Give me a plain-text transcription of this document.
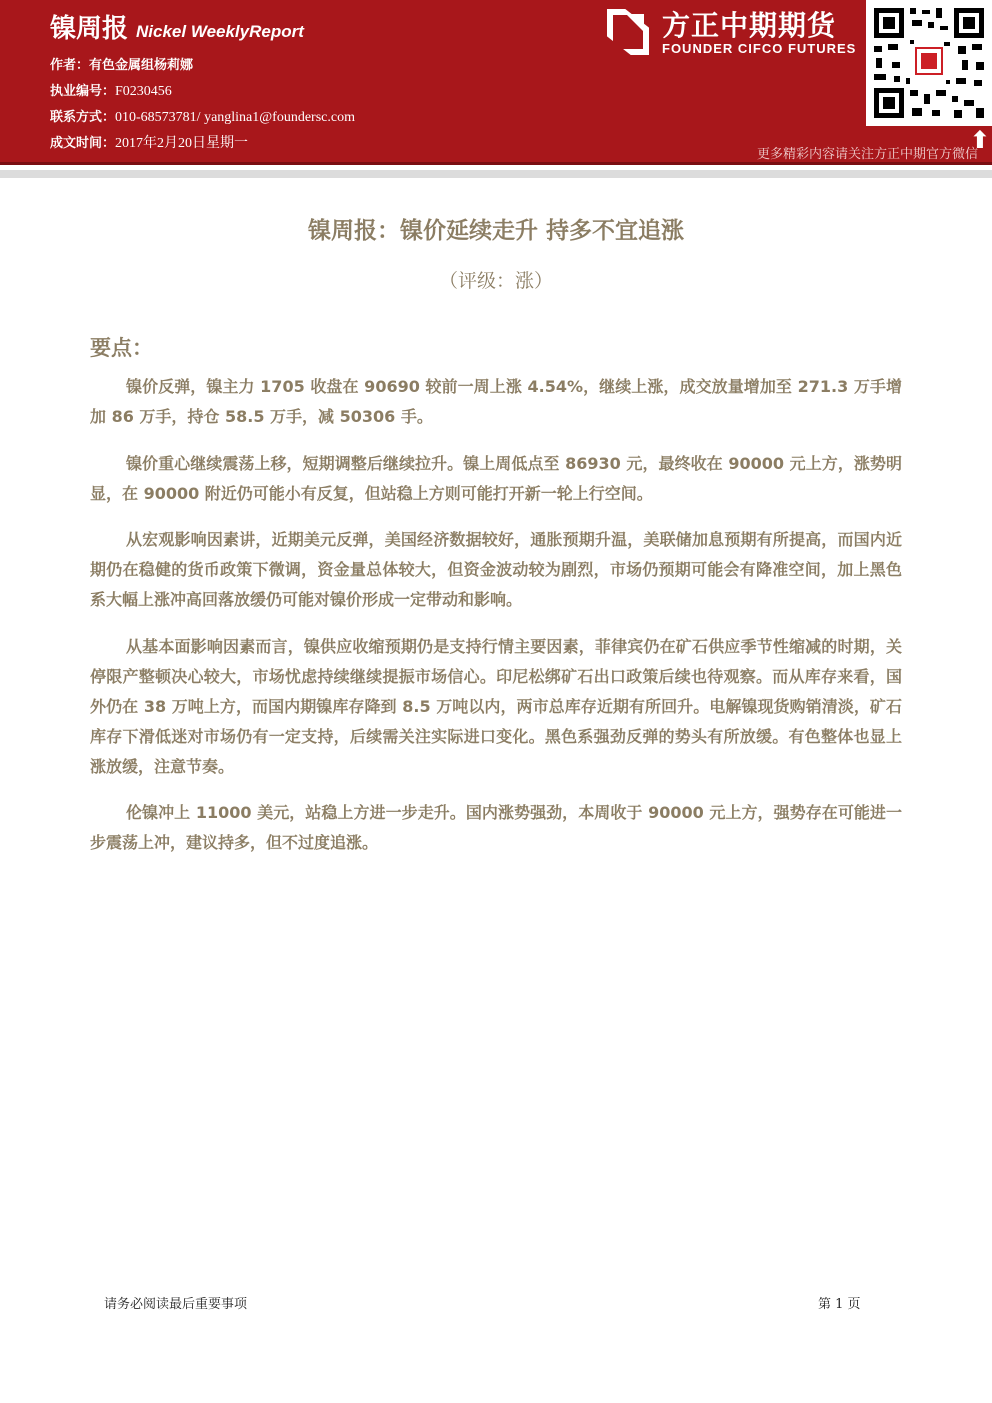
镍周报 Nickel WeeklyReport
作者：有色金属组杨莉娜
执业编号：F0230456
联系方式：010-68573781/ yanglina1@foundersc.com
成文时间：2017年2月20日星期一
方正中期期货
FOUNDER CIFCO FUTURES
⬆
更多精彩内容请关注方正中期官方微信
镍周报：镍价延续走升 持多不宜追涨
（评级：涨）
要点：

镍价反弹，镍主力 1705 收盘在 90690 较前一周上涨 4.54%，继续上涨，成交放量增加至 271.3 万手增加 86 万手，持仓 58.5 万手，减 50306 手。

镍价重心继续震荡上移，短期调整后继续拉升。镍上周低点至 86930 元，最终收在 90000 元上方，涨势明显，在 90000 附近仍可能小有反复，但站稳上方则可能打开新一轮上行空间。

从宏观影响因素讲，近期美元反弹，美国经济数据较好，通胀预期升温，美联储加息预期有所提高，而国内近期仍在稳健的货币政策下微调，资金量总体较大，但资金波动较为剧烈，市场仍预期可能会有降准空间，加上黑色系大幅上涨冲高回落放缓仍可能对镍价形成一定带动和影响。

从基本面影响因素而言，镍供应收缩预期仍是支持行情主要因素，菲律宾仍在矿石供应季节性缩减的时期，关停限产整顿决心较大，市场忧虑持续继续提振市场信心。印尼松绑矿石出口政策后续也待观察。而从库存来看，国外仍在 38 万吨上方，而国内期镍库存降到 8.5 万吨以内，两市总库存近期有所回升。电解镍现货购销清淡，矿石库存下滑低迷对市场仍有一定支持，后续需关注实际进口变化。黑色系强劲反弹的势头有所放缓。有色整体也显上涨放缓，注意节奏。

伦镍冲上 11000 美元，站稳上方进一步走升。国内涨势强劲，本周收于 90000 元上方，强势存在可能进一步震荡上冲，建议持多，但不过度追涨。

请务必阅读最后重要事项	第 1 页
